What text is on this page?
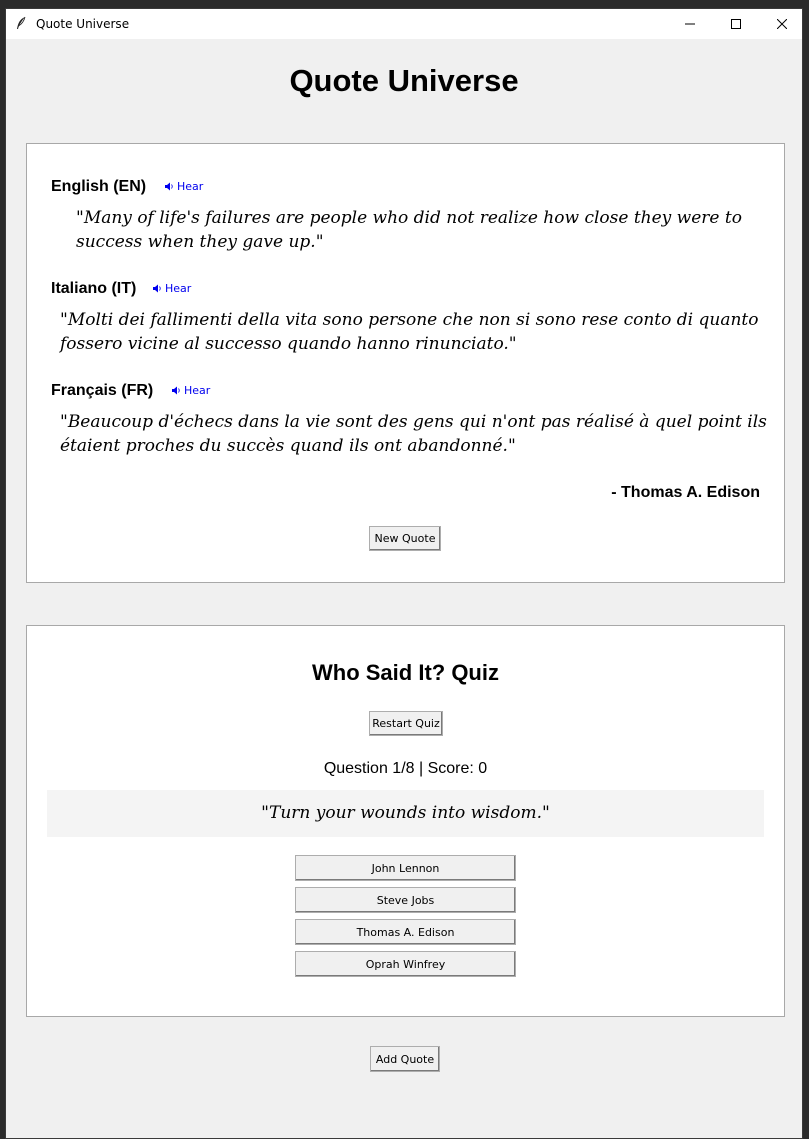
Quote Universe
Quote Universe
English (EN)	Hear
"Many of life's failures are people who did not realize how close they were to success when they gave up."
Italiano (IT)	Hear
"Molti dei fallimenti della vita sono persone che non si sono rese conto di quanto fossero vicine al successo quando hanno rinunciato."
Français (FR)	Hear
"Beaucoup d'échecs dans la vie sont des gens qui n'ont pas réalisé à quel point ils étaient proches du succès quand ils ont abandonné."
- Thomas A. Edison
New Quote
Who Said It? Quiz
Restart Quiz
Question 1/8 | Score: 0
"Turn your wounds into wisdom."
John Lennon
Steve Jobs
Thomas A. Edison
Oprah Winfrey
Add Quote
